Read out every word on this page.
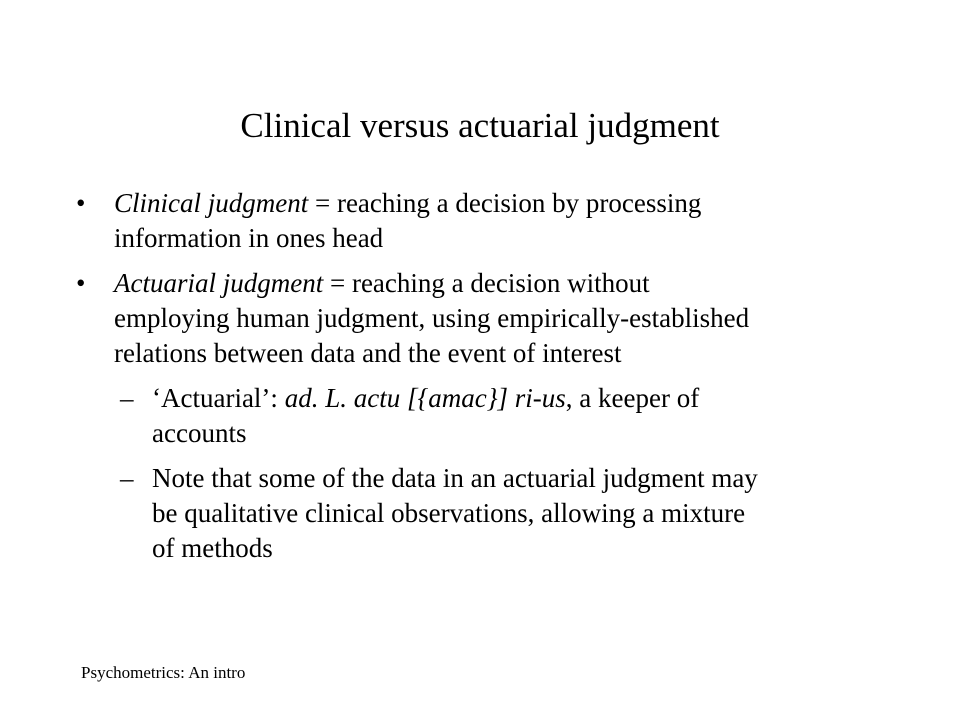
Clinical versus actuarial judgment
•	Clinical judgment = reaching a decision by processing
information in ones head
•	Actuarial judgment = reaching a decision without
employing human judgment, using empirically-established
relations between data and the event of interest
– ‘Actuarial’: ad. L. actu [{amac}] ri-us, a keeper of
accounts
– Note that some of the data in an actuarial judgment may
be qualitative clinical observations, allowing a mixture
of methods
Psychometrics: An intro
